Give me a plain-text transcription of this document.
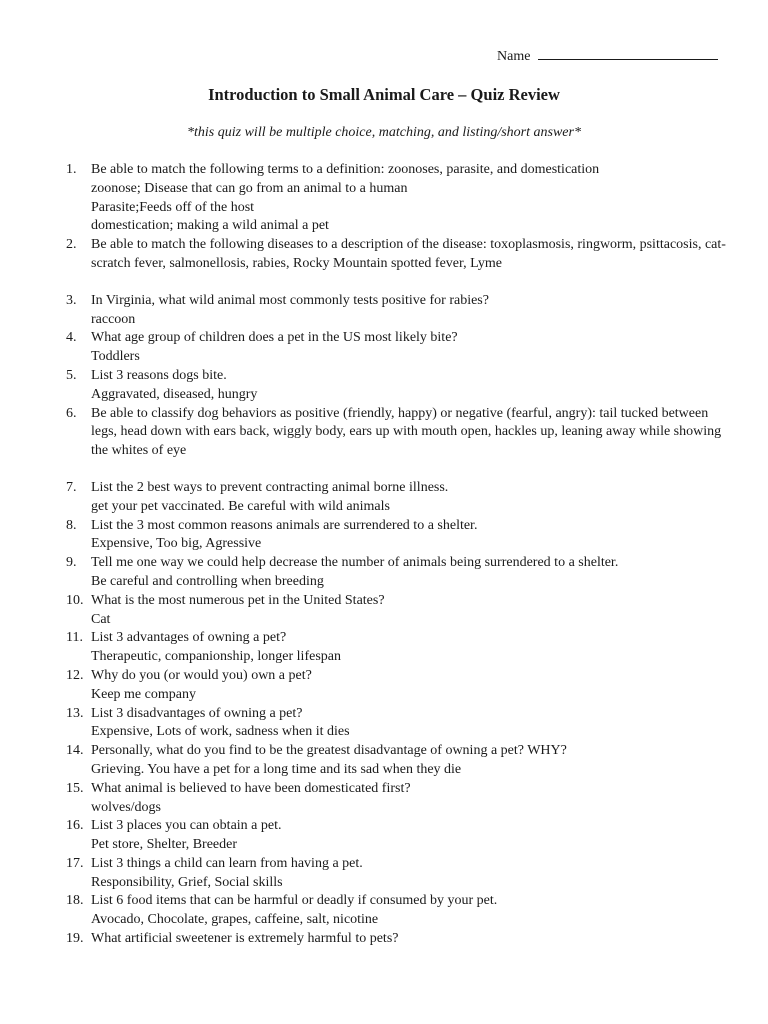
Name
Introduction to Small Animal Care – Quiz Review
*this quiz will be multiple choice, matching, and listing/short answer*
1.	Be able to match the following terms to a definition: zoonoses, parasite, and domestication
zoonose; Disease that can go from an animal to a human
Parasite;Feeds off of the host
domestication; making a wild animal a pet
2.	Be able to match the following diseases to a description of the disease: toxoplasmosis, ringworm, psittacosis, cat-scratch fever, salmonellosis, rabies, Rocky Mountain spotted fever, Lyme
3.	In Virginia, what wild animal most commonly tests positive for rabies?
raccoon
4.	What age group of children does a pet in the US most likely bite?
Toddlers
5.	List 3 reasons dogs bite.
Aggravated, diseased, hungry
6.	Be able to classify dog behaviors as positive (friendly, happy) or negative (fearful, angry): tail tucked between legs, head down with ears back, wiggly body, ears up with mouth open, hackles up, leaning away while showing the whites of eye
7.	List the 2 best ways to prevent contracting animal borne illness.
get your pet vaccinated. Be careful with wild animals
8.	List the 3 most common reasons animals are surrendered to a shelter.
Expensive, Too big, Agressive
9.	Tell me one way we could help decrease the number of animals being surrendered to a shelter.
Be careful and controlling when breeding
10. What is the most numerous pet in the United States?
Cat
11. List 3 advantages of owning a pet?
Therapeutic, companionship, longer lifespan
12. Why do you (or would you) own a pet?
Keep me company
13. List 3 disadvantages of owning a pet?
Expensive, Lots of work, sadness when it dies
14. Personally, what do you find to be the greatest disadvantage of owning a pet? WHY?
Grieving. You have a pet for a long time and its sad when they die
15. What animal is believed to have been domesticated first?
wolves/dogs
16. List 3 places you can obtain a pet.
Pet store, Shelter, Breeder
17. List 3 things a child can learn from having a pet.
Responsibility, Grief, Social skills
18. List 6 food items that can be harmful or deadly if consumed by your pet.
Avocado, Chocolate, grapes, caffeine, salt, nicotine
19. What artificial sweetener is extremely harmful to pets?
